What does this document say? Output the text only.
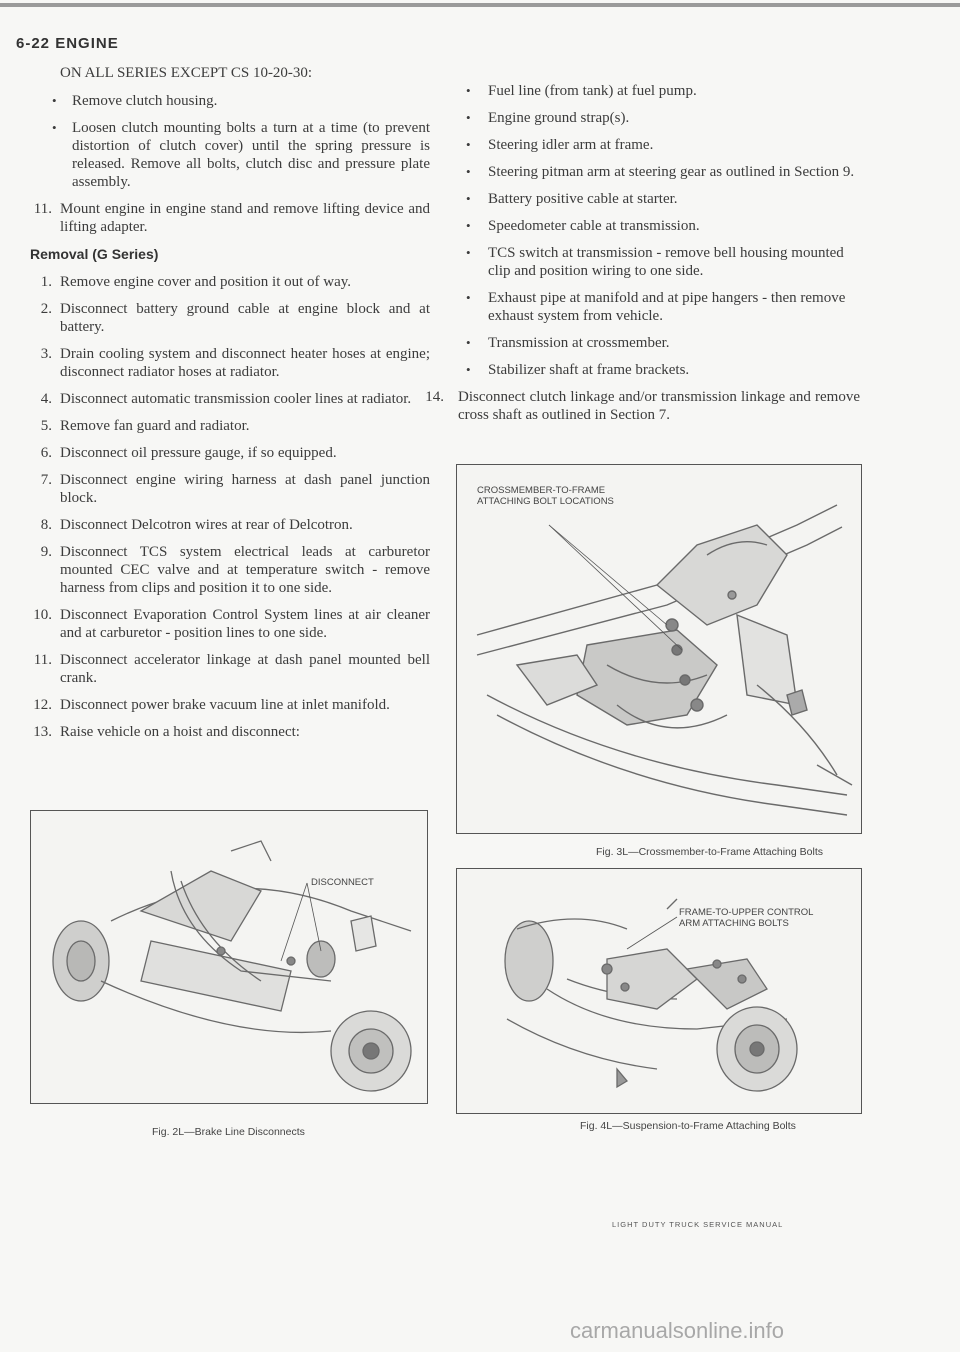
6-22 ENGINE
ON ALL SERIES EXCEPT CS 10-20-30:
• Remove clutch housing.
• Loosen clutch mounting bolts a turn at a time (to prevent distortion of clutch cover) until the spring pressure is released. Remove all bolts, clutch disc and pressure plate assembly.
11. Mount engine in engine stand and remove lifting device and lifting adapter.
Removal (G Series)
1. Remove engine cover and position it out of way.
2. Disconnect battery ground cable at engine block and at battery.
3. Drain cooling system and disconnect heater hoses at engine; disconnect radiator hoses at radiator.
4. Disconnect automatic transmission cooler lines at radiator.
5. Remove fan guard and radiator.
6. Disconnect oil pressure gauge, if so equipped.
7. Disconnect engine wiring harness at dash panel junction block.
8. Disconnect Delcotron wires at rear of Delcotron.
9. Disconnect TCS system electrical leads at carburetor mounted CEC valve and at temperature switch - remove harness from clips and position it to one side.
10. Disconnect Evaporation Control System lines at air cleaner and at carburetor - position lines to one side.
11. Disconnect accelerator linkage at dash panel mounted bell crank.
12. Disconnect power brake vacuum line at inlet manifold.
13. Raise vehicle on a hoist and disconnect:
• Fuel line (from tank) at fuel pump.
• Engine ground strap(s).
• Steering idler arm at frame.
• Steering pitman arm at steering gear as outlined in Section 9.
• Battery positive cable at starter.
• Speedometer cable at transmission.
• TCS switch at transmission - remove bell housing mounted clip and position wiring to one side.
• Exhaust pipe at manifold and at pipe hangers - then remove exhaust system from vehicle.
• Transmission at crossmember.
• Stabilizer shaft at frame brackets.
14. Disconnect clutch linkage and/or transmission linkage and remove cross shaft as outlined in Section 7.
CROSSMEMBER-TO-FRAME
ATTACHING BOLT LOCATIONS
Fig. 3L—Crossmember-to-Frame Attaching Bolts
FRAME-TO-UPPER CONTROL
ARM ATTACHING BOLTS
Fig. 4L—Suspension-to-Frame Attaching Bolts
DISCONNECT
Fig. 2L—Brake Line Disconnects
LIGHT DUTY TRUCK SERVICE MANUAL
carmanualsonline.info
